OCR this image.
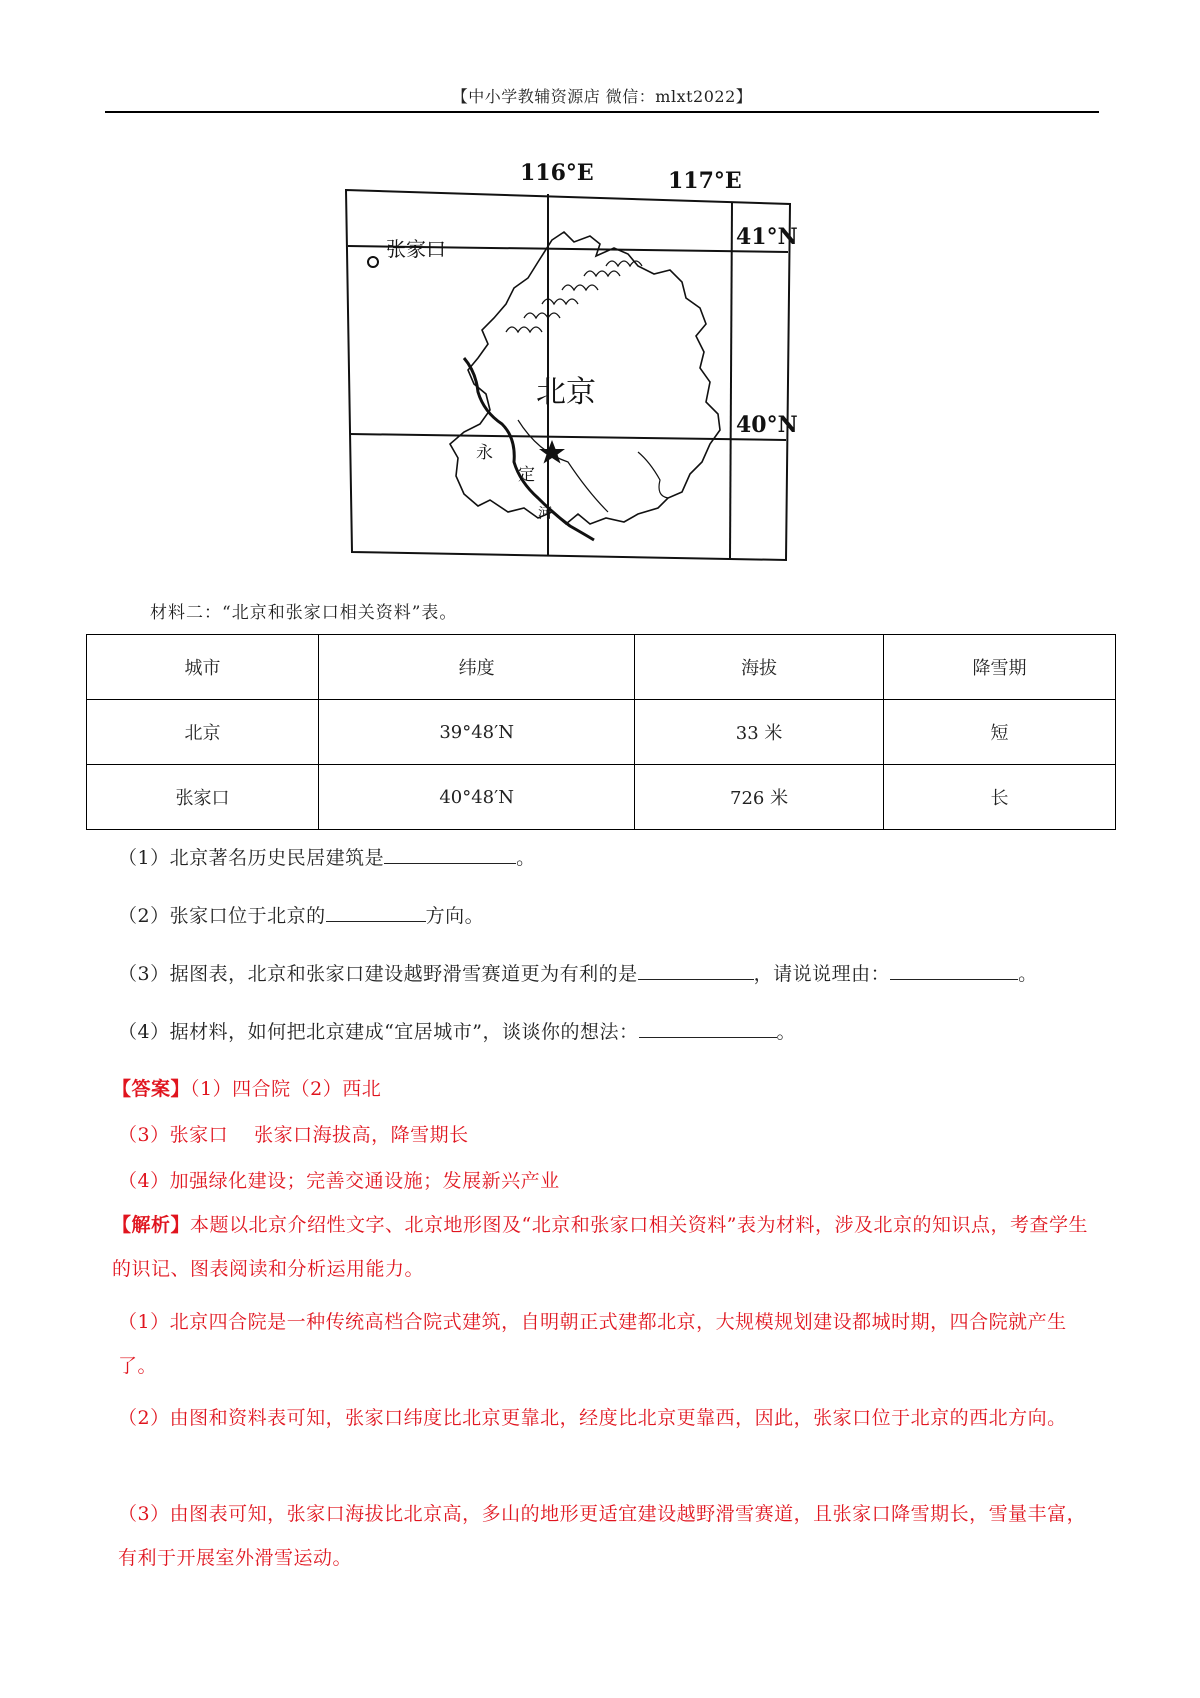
【中小学教辅资源店 微信：mlxt2022】
116°E	117°E
41°N
40°N
张家口
永
定
河
北京
材料二：“北京和张家口相关资料”表。
城市	纬度	海拔	降雪期
北京	39°48′N	33 米	短
张家口	40°48′N	726 米	长
（1）北京著名历史民居建筑是	。
（2）张家口位于北京的	方向。
（3）据图表，北京和张家口建设越野滑雪赛道更为有利的是	，请说说理由：	。
（4）据材料，如何把北京建成“宜居城市”，谈谈你的想法：	。
【答案】（1）四合院（2）西北
（3）张家口　 张家口海拔高，降雪期长
（4）加强绿化建设；完善交通设施；发展新兴产业
【解析】本题以北京介绍性文字、北京地形图及“北京和张家口相关资料”表为材料，涉及北京的知识点，考查学生的识记、图表阅读和分析运用能力。
（1）北京四合院是一种传统高档合院式建筑，自明朝正式建都北京，大规模规划建设都城时期，四合院就产生了。
（2）由图和资料表可知，张家口纬度比北京更靠北，经度比北京更靠西，因此，张家口位于北京的西北方向。
（3）由图表可知，张家口海拔比北京高，多山的地形更适宜建设越野滑雪赛道，且张家口降雪期长，雪量丰富，有利于开展室外滑雪运动。
